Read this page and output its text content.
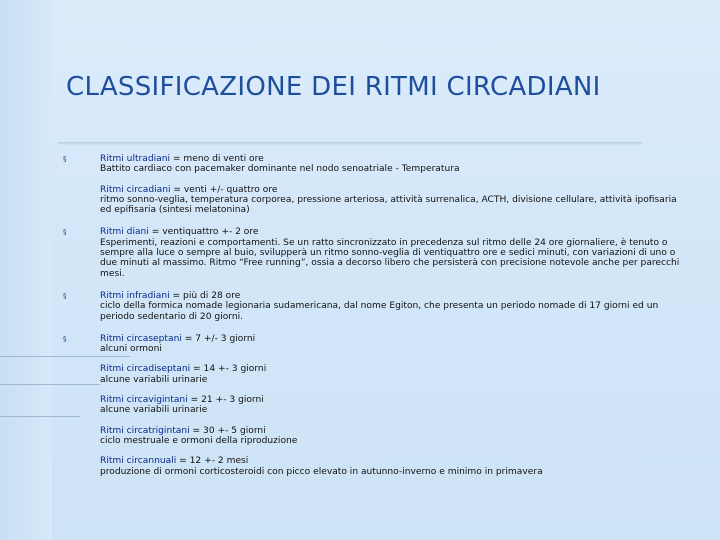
CLASSIFICAZIONE DEI RITMI CIRCADIANI
§	Ritmi ultradiani = meno di venti ore
Battito cardiaco con pacemaker dominante nel nodo senoatriale - Temperatura
Ritmi circadiani = venti +/- quattro ore
ritmo sonno-veglia, temperatura corporea, pressione arteriosa, attività surrenalica, ACTH, divisione cellulare, attività ipofisaria ed epifisaria (sintesi melatonina)
§	Ritmi diani = ventiquattro +- 2 ore
Esperimenti, reazioni e comportamenti. Se un ratto sincronizzato in precedenza sul ritmo delle 24 ore giornaliere, è tenuto o sempre alla luce o sempre al buio, svilupperà un ritmo sonno-veglia di ventiquattro ore e sedici minuti, con variazioni di uno o due minuti al massimo. Ritmo “Free running”, ossia a decorso libero che persisterà con precisione notevole anche per parecchi mesi.
§	Ritmi infradiani = più di 28 ore
ciclo della formica nomade legionaria sudamericana, dal nome Egiton, che presenta un periodo nomade di 17 giorni ed un periodo sedentario di 20 giorni.
§	Ritmi circaseptani = 7 +/- 3 giorni
alcuni ormoni
Ritmi circadiseptani = 14 +- 3 giorni
alcune variabili urinarie
Ritmi circavigintani = 21 +- 3 giorni
alcune variabili urinarie
Ritmi circatrigintani = 30 +- 5 giorni
ciclo mestruale e ormoni della riproduzione
Ritmi circannuali = 12 +- 2 mesi
produzione di ormoni corticosteroidi con picco elevato in autunno-inverno e minimo in primavera
